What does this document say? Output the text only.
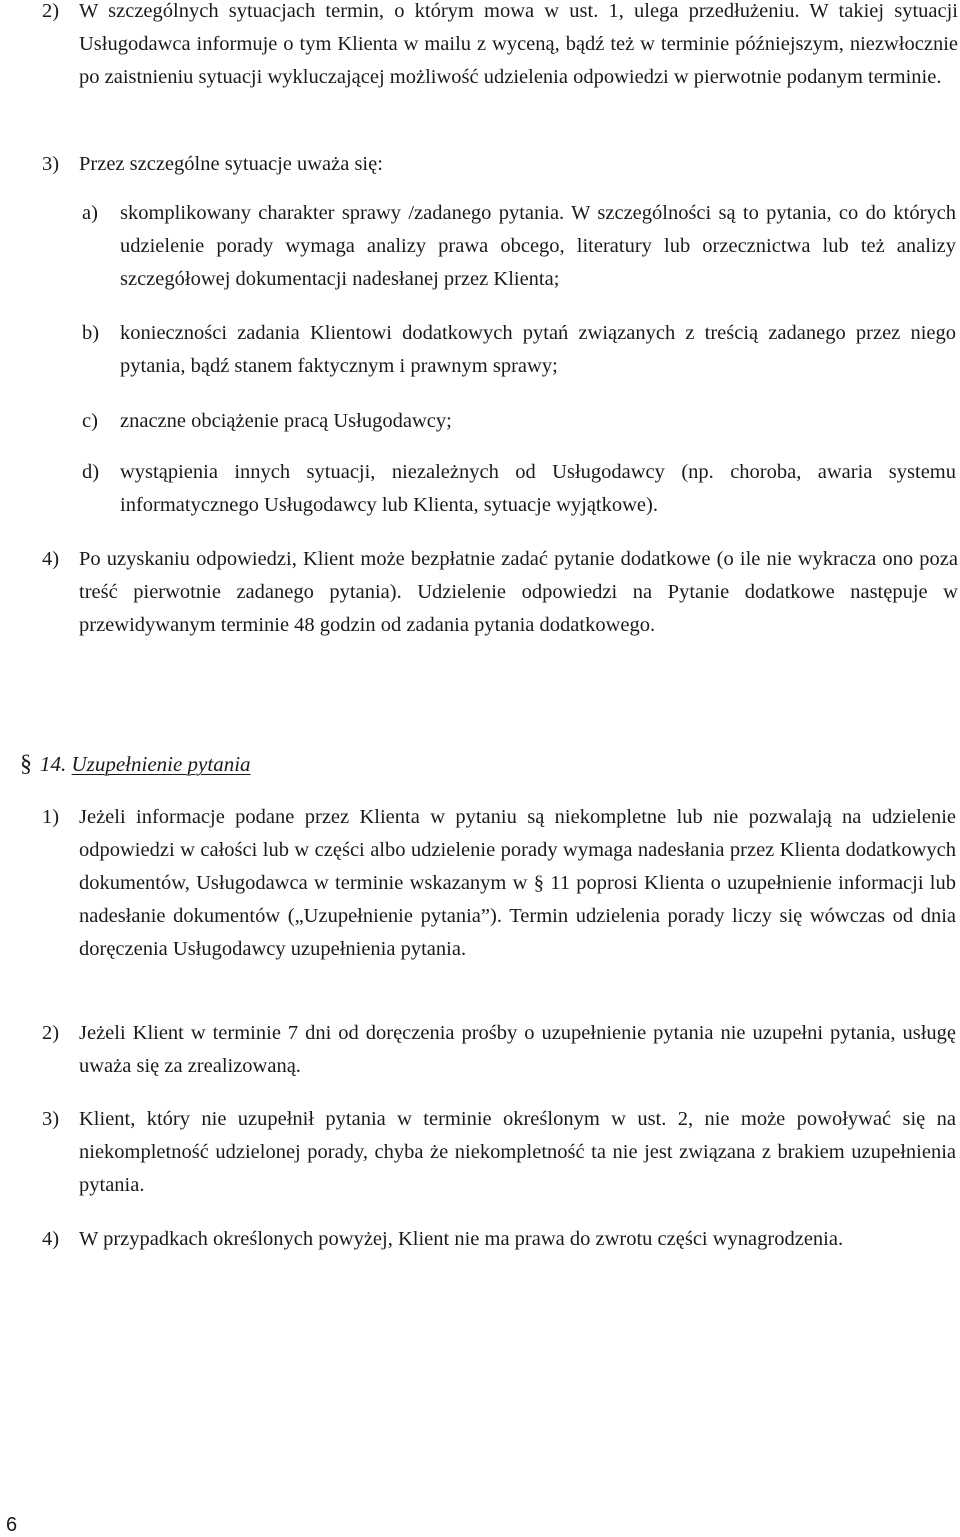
2) W szczególnych sytuacjach termin, o którym mowa w ust. 1, ulega przedłużeniu. W takiej sytuacji Usługodawca informuje o tym Klienta w mailu z wyceną, bądź też w terminie późniejszym, niezwłocznie po zaistnieniu sytuacji wykluczającej możliwość udzielenia odpowiedzi w pierwotnie podanym terminie.
3) Przez szczególne sytuacje uważa się:
a) skomplikowany charakter sprawy /zadanego pytania. W szczególności są to pytania, co do których udzielenie porady wymaga analizy prawa obcego, literatury lub orzecznictwa lub też analizy szczegółowej dokumentacji nadesłanej przez Klienta;
b) konieczności zadania Klientowi dodatkowych pytań związanych z treścią zadanego przez niego pytania, bądź stanem faktycznym i prawnym sprawy;
c) znaczne obciążenie pracą Usługodawcy;
d) wystąpienia innych sytuacji, niezależnych od Usługodawcy (np. choroba, awaria systemu informatycznego Usługodawcy lub Klienta, sytuacje wyjątkowe).
4) Po uzyskaniu odpowiedzi, Klient może bezpłatnie zadać pytanie dodatkowe (o ile nie wykracza ono poza treść pierwotnie zadanego pytania). Udzielenie odpowiedzi na Pytanie dodatkowe następuje w przewidywanym terminie 48 godzin od zadania pytania dodatkowego.
§ 14. Uzupełnienie pytania
1) Jeżeli informacje podane przez Klienta w pytaniu są niekompletne lub nie pozwalają na udzielenie odpowiedzi w całości lub w części albo udzielenie porady wymaga nadesłania przez Klienta dodatkowych dokumentów, Usługodawca w terminie wskazanym w § 11 poprosi Klienta o uzupełnienie informacji lub nadesłanie dokumentów („Uzupełnienie pytania”). Termin udzielenia porady liczy się wówczas od dnia doręczenia Usługodawcy uzupełnienia pytania.
2) Jeżeli Klient w terminie 7 dni od doręczenia prośby o uzupełnienie pytania nie uzupełni pytania, usługę uważa się za zrealizowaną.
3) Klient, który nie uzupełnił pytania w terminie określonym w ust. 2, nie może powoływać się na niekompletność udzielonej porady, chyba że niekompletność ta nie jest związana z brakiem uzupełnienia pytania.
4) W przypadkach określonych powyżej, Klient nie ma prawa do zwrotu części wynagrodzenia.
6
